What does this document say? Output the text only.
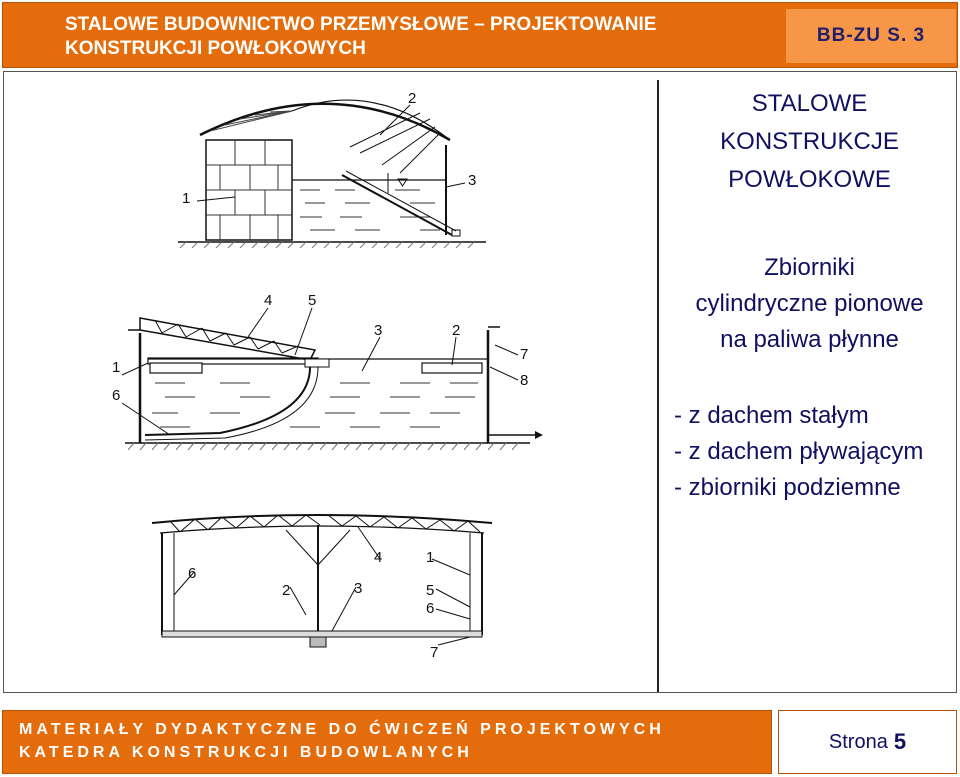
STALOWE BUDOWNICTWO PRZEMYSŁOWE – PROJEKTOWANIE
KONSTRUKCJI POWŁOKOWYCH
BB-ZU S. 3
1
2
3
4 5
3	2
1
6
7
8
6
2	3
4	1
5
6
7
STALOWE
KONSTRUKCJE
POWŁOKOWE
Zbiorniki
cylindryczne pionowe
na paliwa płynne
- z dachem stałym
- z dachem pływającym
- zbiorniki podziemne
MATERIAŁY DYDAKTYCZNE DO ĆWICZEŃ PROJEKTOWYCH
KATEDRA KONSTRUKCJI BUDOWLANYCH	Strona 5
